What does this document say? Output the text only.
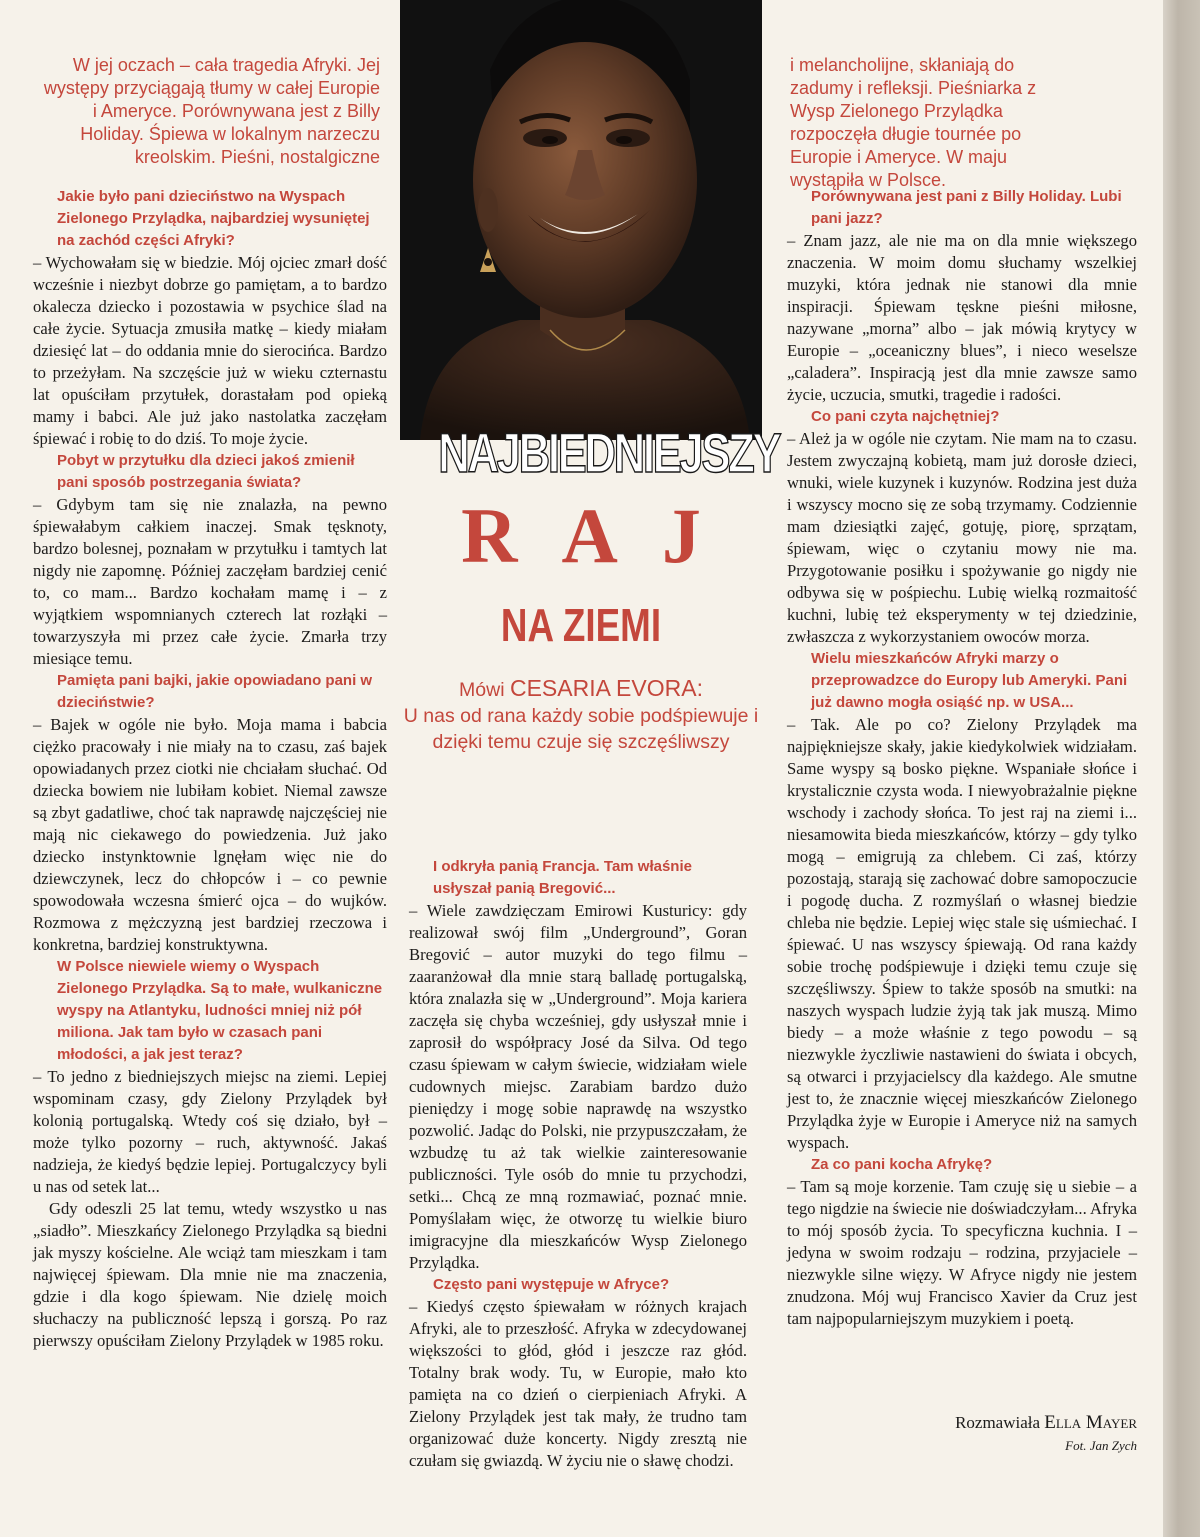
W jej oczach – cała tragedia Afryki. Jej występy przyciągają tłumy w całej Europie i Ameryce. Porównywana jest z Billy Holiday. Śpiewa w lokalnym narzeczu kreolskim. Pieśni, nostalgiczne

i melancholijne, skłaniają do zadumy i refleksji. Pieśniarka z Wysp Zielonego Przylądka rozpoczęła długie tournée po Europie i Ameryce. W maju wystąpiła w Polsce.

NAJBIEDNIEJSZY
RAJ
NA ZIEMI

Mówi CESARIA EVORA:
U nas od rana każdy sobie podśpiewuje i dzięki temu czuje się szczęśliwszy

Jakie było pani dzieciństwo na Wyspach Zielonego Przylądka, najbardziej wysuniętej na zachód części Afryki?

– Wychowałam się w biedzie. Mój ojciec zmarł dość wcześnie i niezbyt dobrze go pamiętam, a to bardzo okalecza dziecko i pozostawia w psychice ślad na całe życie. Sytuacja zmusiła matkę – kiedy miałam dziesięć lat – do oddania mnie do sierocińca. Bardzo to przeżyłam. Na szczęście już w wieku czternastu lat opuściłam przytułek, dorastałam pod opieką mamy i babci. Ale już jako nastolatka zaczęłam śpiewać i robię to do dziś. To moje życie.

Pobyt w przytułku dla dzieci jakoś zmienił pani sposób postrzegania świata?

– Gdybym tam się nie znalazła, na pewno śpiewałabym całkiem inaczej. Smak tęsknoty, bardzo bolesnej, poznałam w przytułku i tamtych lat nigdy nie zapomnę. Później zaczęłam bardziej cenić to, co mam... Bardzo kochałam mamę i – z wyjątkiem wspomnianych czterech lat rozłąki – towarzyszyła mi przez całe życie. Zmarła trzy miesiące temu.

Pamięta pani bajki, jakie opowiadano pani w dzieciństwie?

– Bajek w ogóle nie było. Moja mama i babcia ciężko pracowały i nie miały na to czasu, zaś bajek opowiadanych przez ciotki nie chciałam słuchać. Od dziecka bowiem nie lubiłam kobiet. Niemal zawsze są zbyt gadatliwe, choć tak naprawdę najczęściej nie mają nic ciekawego do powiedzenia. Już jako dziecko instynktownie lgnęłam więc nie do dziewczynek, lecz do chłopców i – co pewnie spowodowała wczesna śmierć ojca – do wujków. Rozmowa z mężczyzną jest bardziej rzeczowa i konkretna, bardziej konstruktywna.

W Polsce niewiele wiemy o Wyspach Zielonego Przylądka. Są to małe, wulkaniczne wyspy na Atlantyku, ludności mniej niż pół miliona. Jak tam było w czasach pani młodości, a jak jest teraz?

– To jedno z biedniejszych miejsc na ziemi. Lepiej wspominam czasy, gdy Zielony Przylądek był kolonią portugalską. Wtedy coś się działo, był – może tylko pozorny – ruch, aktywność. Jakaś nadzieja, że kiedyś będzie lepiej. Portugalczycy byli u nas od setek lat...

Gdy odeszli 25 lat temu, wtedy wszystko u nas „siadło”. Mieszkańcy Zielonego Przylądka są biedni jak myszy kościelne. Ale wciąż tam mieszkam i tam najwięcej śpiewam. Dla mnie nie ma znaczenia, gdzie i dla kogo śpiewam. Nie dzielę moich słuchaczy na publiczność lepszą i gorszą. Po raz pierwszy opuściłam Zielony Przylądek w 1985 roku.

I odkryła panią Francja. Tam właśnie usłyszał panią Bregović...

– Wiele zawdzięczam Emirowi Kusturicy: gdy realizował swój film „Underground”, Goran Bregović – autor muzyki do tego filmu – zaaranżował dla mnie starą balladę portugalską, która znalazła się w „Underground”. Moja kariera zaczęła się chyba wcześniej, gdy usłyszał mnie i zaprosił do współpracy José da Silva. Od tego czasu śpiewam w całym świecie, widziałam wiele cudownych miejsc. Zarabiam bardzo dużo pieniędzy i mogę sobie naprawdę na wszystko pozwolić. Jadąc do Polski, nie przypuszczałam, że wzbudzę tu aż tak wielkie zainteresowanie publiczności. Tyle osób do mnie tu przychodzi, setki... Chcą ze mną rozmawiać, poznać mnie. Pomyślałam więc, że otworzę tu wielkie biuro imigracyjne dla mieszkańców Wysp Zielonego Przylądka.

Często pani występuje w Afryce?

– Kiedyś często śpiewałam w różnych krajach Afryki, ale to przeszłość. Afryka w zdecydowanej większości to głód, głód i jeszcze raz głód. Totalny brak wody. Tu, w Europie, mało kto pamięta na co dzień o cierpieniach Afryki. A Zielony Przylądek jest tak mały, że trudno tam organizować duże koncerty. Nigdy zresztą nie czułam się gwiazdą. W życiu nie o sławę chodzi.

Porównywana jest pani z Billy Holiday. Lubi pani jazz?

– Znam jazz, ale nie ma on dla mnie większego znaczenia. W moim domu słuchamy wszelkiej muzyki, która jednak nie stanowi dla mnie inspiracji. Śpiewam tęskne pieśni miłosne, nazywane „morna” albo – jak mówią krytycy w Europie – „oceaniczny blues”, i nieco weselsze „caladera”. Inspiracją jest dla mnie zawsze samo życie, uczucia, smutki, tragedie i radości.

Co pani czyta najchętniej?

– Ależ ja w ogóle nie czytam. Nie mam na to czasu. Jestem zwyczajną kobietą, mam już dorosłe dzieci, wnuki, wiele kuzynek i kuzynów. Rodzina jest duża i wszyscy mocno się ze sobą trzymamy. Codziennie mam dziesiątki zajęć, gotuję, piorę, sprzątam, śpiewam, więc o czytaniu mowy nie ma. Przygotowanie posiłku i spożywanie go nigdy nie odbywa się w pośpiechu. Lubię wielką rozmaitość kuchni, lubię też eksperymenty w tej dziedzinie, zwłaszcza z wykorzystaniem owoców morza.

Wielu mieszkańców Afryki marzy o przeprowadzce do Europy lub Ameryki. Pani już dawno mogła osiąść np. w USA...

– Tak. Ale po co? Zielony Przylądek ma najpiękniejsze skały, jakie kiedykolwiek widziałam. Same wyspy są bosko piękne. Wspaniałe słońce i krystalicznie czysta woda. I niewyobrażalnie piękne wschody i zachody słońca. To jest raj na ziemi i... niesamowita bieda mieszkańców, którzy – gdy tylko mogą – emigrują za chlebem. Ci zaś, którzy pozostają, starają się zachować dobre samopoczucie i pogodę ducha. Z rozmyślań o własnej biedzie chleba nie będzie. Lepiej więc stale się uśmiechać. I śpiewać. U nas wszyscy śpiewają. Od rana każdy sobie trochę podśpiewuje i dzięki temu czuje się szczęśliwszy. Śpiew to także sposób na smutki: na naszych wyspach ludzie żyją tak jak muszą. Mimo biedy – a może właśnie z tego powodu – są niezwykle życzliwie nastawieni do świata i obcych, są otwarci i przyjacielscy dla każdego. Ale smutne jest to, że znacznie więcej mieszkańców Zielonego Przylądka żyje w Europie i Ameryce niż na samych wyspach.

Za co pani kocha Afrykę?

– Tam są moje korzenie. Tam czuję się u siebie – a tego nigdzie na świecie nie doświadczyłam... Afryka to mój sposób życia. To specyficzna kuchnia. I – jedyna w swoim rodzaju – rodzina, przyjaciele – niezwykle silne więzy. W Afryce nigdy nie jestem znudzona. Mój wuj Francisco Xavier da Cruz jest tam najpopularniejszym muzykiem i poetą.

Rozmawiała Ella Mayer

Fot. Jan Zych
